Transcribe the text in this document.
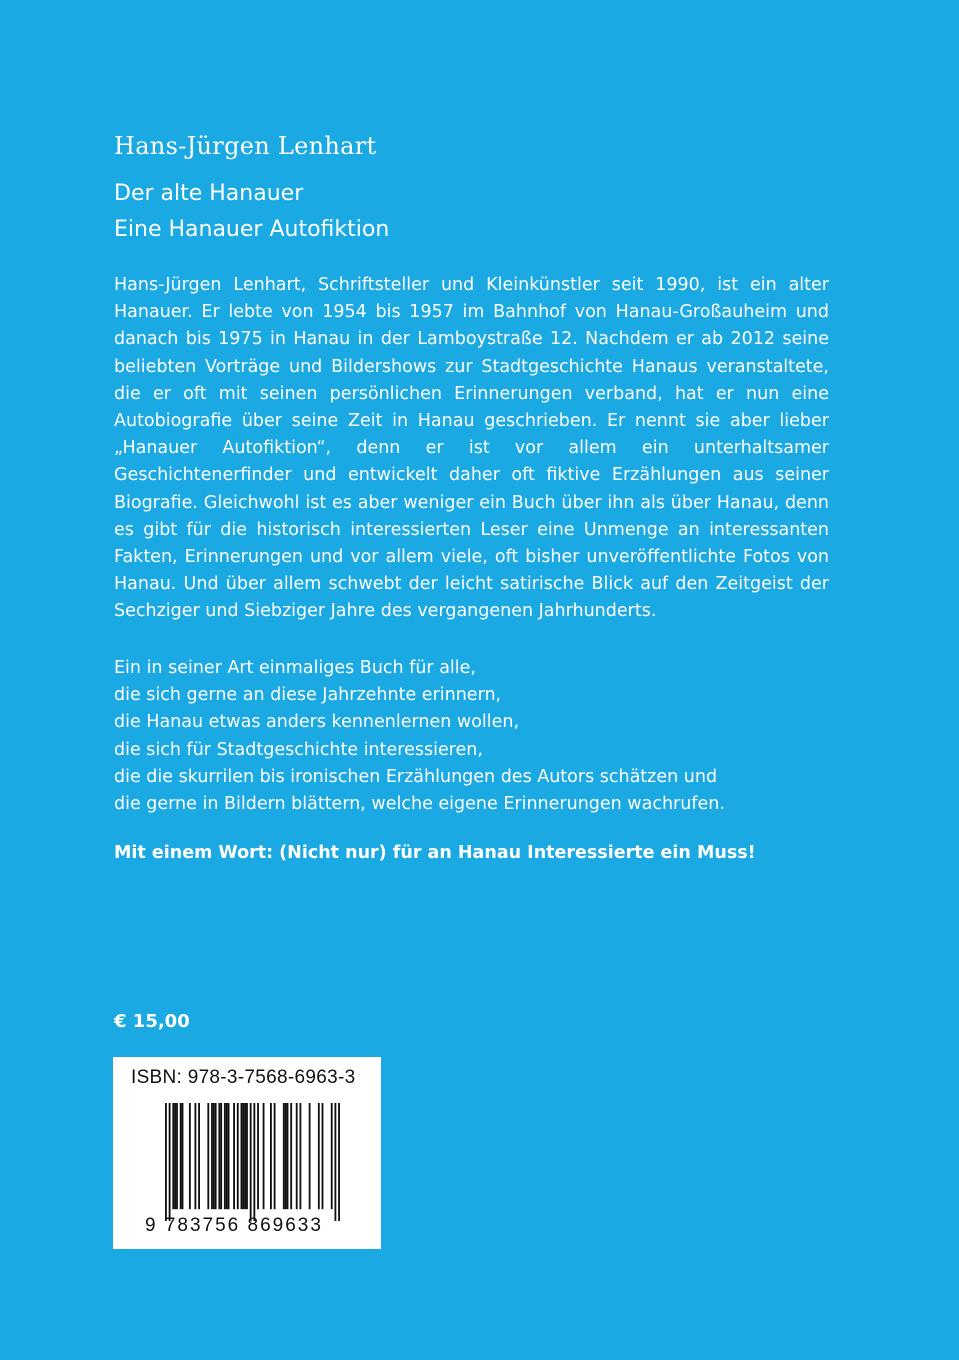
Hans-Jürgen Lenhart
Der alte Hanauer
Eine Hanauer Autofiktion

Hans-Jürgen Lenhart, Schriftsteller und Kleinkünstler seit 1990, ist ein alter Hanauer. Er lebte von 1954 bis 1957 im Bahnhof von Hanau-Großauheim und danach bis 1975 in Hanau in der Lamboystraße 12. Nachdem er ab 2012 seine beliebten Vorträge und Bildershows zur Stadtgeschichte Hanaus veranstaltete, die er oft mit seinen persönlichen Erinnerungen verband, hat er nun eine Autobiografie über seine Zeit in Hanau geschrieben. Er nennt sie aber lieber „Hanauer Autofiktion“, denn er ist vor allem ein unterhaltsamer Geschichtenerfinder und entwickelt daher oft fiktive Erzählungen aus seiner Biografie. Gleichwohl ist es aber weniger ein Buch über ihn als über Hanau, denn es gibt für die historisch interessierten Leser eine Unmenge an interessanten Fakten, Erinnerungen und vor allem viele, oft bisher unveröffentlichte Fotos von Hanau. Und über allem schwebt der leicht satirische Blick auf den Zeitgeist der Sechziger und Siebziger Jahre des vergangenen Jahrhunderts.

Ein in seiner Art einmaliges Buch für alle,
die sich gerne an diese Jahrzehnte erinnern,
die Hanau etwas anders kennenlernen wollen,
die sich für Stadtgeschichte interessieren,
die die skurrilen bis ironischen Erzählungen des Autors schätzen und
die gerne in Bildern blättern, welche eigene Erinnerungen wachrufen.

Mit einem Wort: (Nicht nur) für an Hanau Interessierte ein Muss!

€ 15,00

ISBN: 978-3-7568-6963-3
9 783756 869633
